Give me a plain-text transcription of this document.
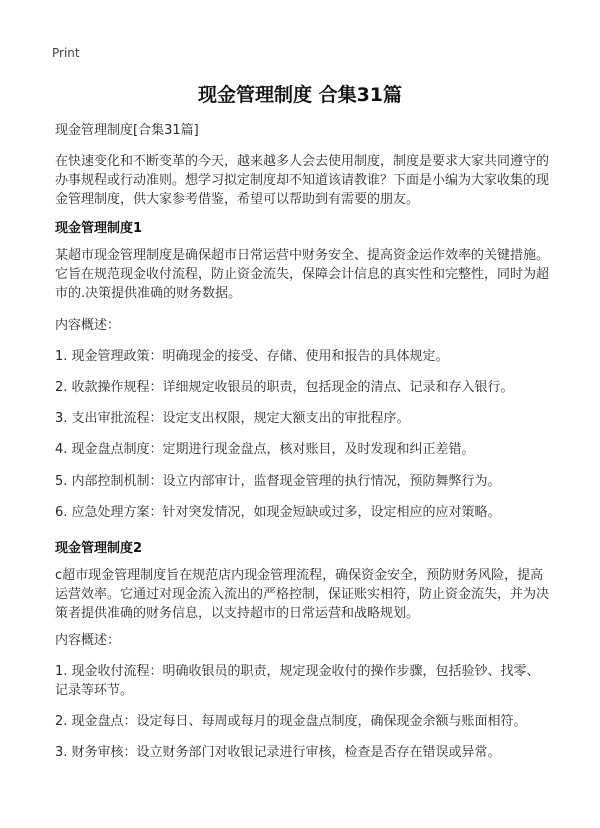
Print
现金管理制度 合集31篇
现金管理制度[合集31篇]
在快速变化和不断变革的今天，越来越多人会去使用制度，制度是要求大家共同遵守的办事规程或行动准则。想学习拟定制度却不知道该请教谁？下面是小编为大家收集的现金管理制度，供大家参考借鉴，希望可以帮助到有需要的朋友。
现金管理制度1
某超市现金管理制度是确保超市日常运营中财务安全、提高资金运作效率的关键措施。它旨在规范现金收付流程，防止资金流失，保障会计信息的真实性和完整性，同时为超市的.决策提供准确的财务数据。
内容概述：
1. 现金管理政策：明确现金的接受、存储、使用和报告的具体规定。
2. 收款操作规程：详细规定收银员的职责，包括现金的清点、记录和存入银行。
3. 支出审批流程：设定支出权限，规定大额支出的审批程序。
4. 现金盘点制度：定期进行现金盘点，核对账目，及时发现和纠正差错。
5. 内部控制机制：设立内部审计，监督现金管理的执行情况，预防舞弊行为。
6. 应急处理方案：针对突发情况，如现金短缺或过多，设定相应的应对策略。
现金管理制度2
c超市现金管理制度旨在规范店内现金管理流程，确保资金安全，预防财务风险，提高运营效率。它通过对现金流入流出的严格控制，保证账实相符，防止资金流失，并为决策者提供准确的财务信息，以支持超市的日常运营和战略规划。
内容概述：
1. 现金收付流程：明确收银员的职责，规定现金收付的操作步骤，包括验钞、找零、记录等环节。
2. 现金盘点：设定每日、每周或每月的现金盘点制度，确保现金余额与账面相符。
3. 财务审核：设立财务部门对收银记录进行审核，检查是否存在错误或异常。
